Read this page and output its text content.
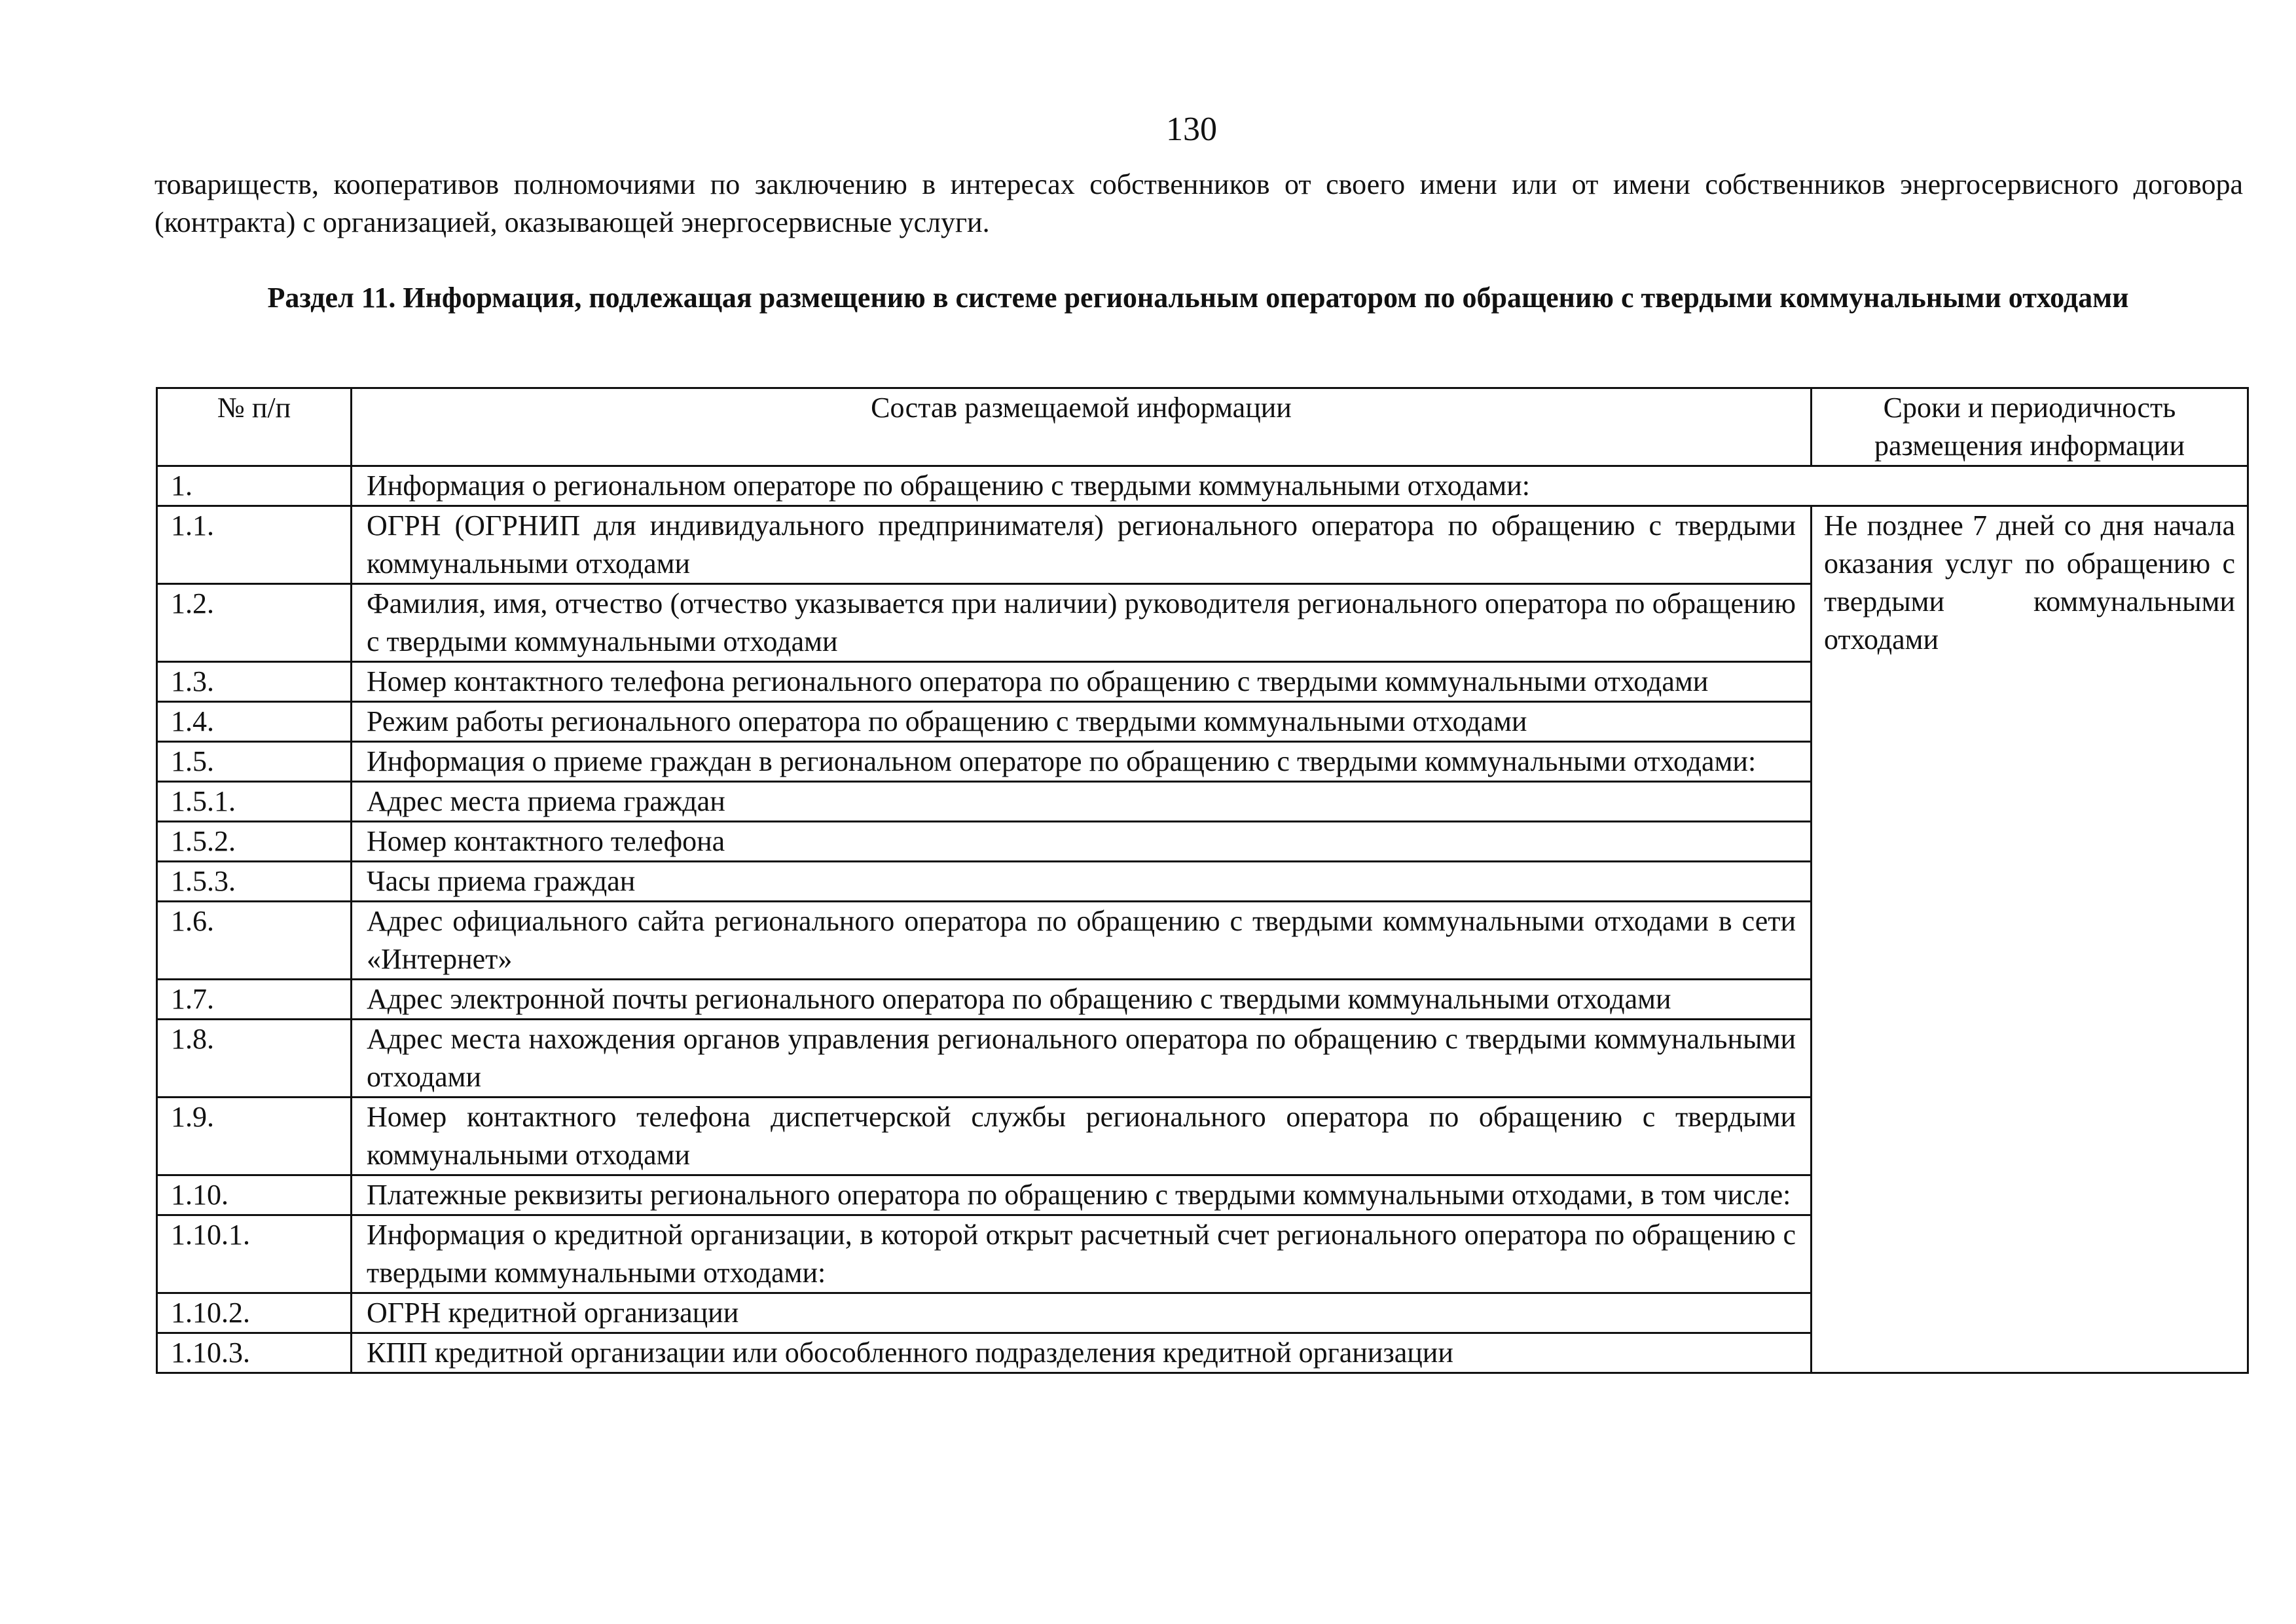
130
товариществ, кооперативов полномочиями по заключению в интересах собственников от своего имени или от имени собственников энергосервисного договора (контракта) с организацией, оказывающей энергосервисные услуги.
Раздел 11. Информация, подлежащая размещению в системе региональным оператором по обращению с твердыми коммунальными отходами
№ п/п	Состав размещаемой информации	Сроки и периодичность размещения информации
1.	Информация о региональном операторе по обращению с твердыми коммунальными отходами:	
1.1.	ОГРН (ОГРНИП для индивидуального предпринимателя) регионального оператора по обращению с твердыми коммунальными отходами	Не позднее 7 дней со дня начала оказания услуг по обращению с твердыми коммунальными отходами
1.2.	Фамилия, имя, отчество (отчество указывается при наличии) руководителя регионального оператора по обращению с твердыми коммунальными отходами	
1.3.	Номер контактного телефона регионального оператора по обращению с твердыми коммунальными отходами	
1.4.	Режим работы регионального оператора по обращению с твердыми коммунальными отходами	
1.5.	Информация о приеме граждан в региональном операторе по обращению с твердыми коммунальными отходами:	
1.5.1.	Адрес места приема граждан	
1.5.2.	Номер контактного телефона	
1.5.3.	Часы приема граждан	
1.6.	Адрес официального сайта регионального оператора по обращению с твердыми коммунальными отходами в сети «Интернет»	
1.7.	Адрес электронной почты регионального оператора по обращению с твердыми коммунальными отходами	
1.8.	Адрес места нахождения органов управления регионального оператора по обращению с твердыми коммунальными отходами	
1.9.	Номер контактного телефона диспетчерской службы регионального оператора по обращению с твердыми коммунальными отходами	
1.10.	Платежные реквизиты регионального оператора по обращению с твердыми коммунальными отходами, в том числе:	
1.10.1.	Информация о кредитной организации, в которой открыт расчетный счет регионального оператора по обращению с твердыми коммунальными отходами:	
1.10.2.	ОГРН кредитной организации	
1.10.3.	КПП кредитной организации или обособленного подразделения кредитной организации	
